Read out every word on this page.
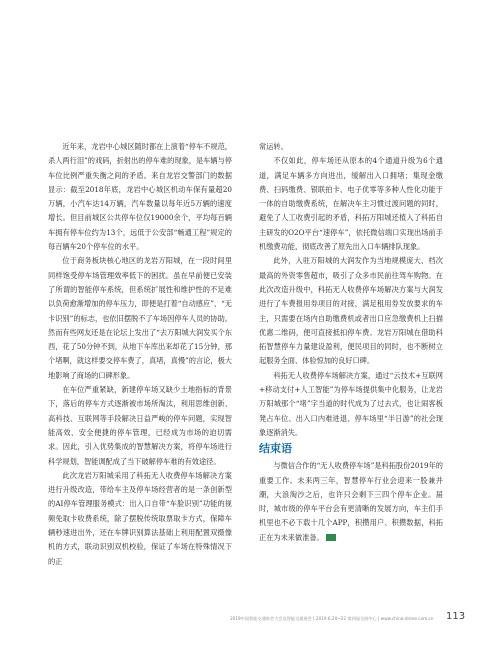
近年来，龙岩中心城区随时都在上演着“停车不规范，杀人两行泪”的戏码，折射出的停车难的现象，是车辆与停车位比例严重失衡之间的矛盾。来自龙岩交警部门的数据显示：截至2018年底，龙岩中心城区机动车保有量超20万辆，小汽车达14万辆，汽车数量以每年近5万辆的速度增长。但目前城区公共停车位仅19000余个，平均每百辆车拥有停车位约为13个，远低于公安部“畅通工程”规定的每百辆车20个停车位的水平。

位于商务板块核心地区的龙岩万阳城，在一段时间里同样饱受停车场管理效率低下的困扰。虽在早前便已安装了所谓的智能停车系统，但系统扩展性和维护性的不足难以负荷愈渐增加的停车压力，即便是打着“自动感应”、“无卡识别”的标志，也依旧摆脱不了车场因停车人员的协助。然而有些网友还是在论坛上发出了“去万阳城大润发买个东西，花了50分钟不到，从地下车库出来却花了15分钟，那个堵啊，就这样要交停车费了，真堵，真慢”的言论，极大地影响了商场的口碑形象。

在车位严重紧缺，新建停车场又缺少土地指标的背景下，落后的停车方式逐渐被市场所淘汰，利用思维创新、高科技、互联网等手段解决日益严峻的停车问题，实现智能高效、安全便捷的停车管理，已经成为市场的迫切需求。因此，引入优势集成的智慧解决方案，将停车场进行科学规划，智能调配成了当下破解停车难的有效途径。

此次龙岩万阳城采用了科拓无人收费停车场解决方案进行升级改造，带给车主及停车场经营者的是一条创新型的AI停车管理服务模式：出入口自带“车脸识别”功能的视频免取卡收费系统，除了摆脱传统取票取卡方式，保障车辆秒速进出外，还在车牌识别算法基础上利用配置双摄像机的方式，联动识别双机校验，保证了车场在特殊情况下的正

常运转。

不仅如此，停车场还从原本的4个通道升级为6个通道，满足车辆多方向进出，缓解出入口拥堵；集现金缴费、扫码缴费、银联拍卡、电子优零等多种人性化功能于一体的自助缴费系统，在解决车主习惯过渡问题的同时，避免了人工收费引起的矛盾，科拓万阳城还植入了科拓自主研发的O2O平台“速停车”，依托微信端口实现出场前手机缴费功能，彻底改善了原先出入口车辆排队现象。

此外，入驻万阳城的大润发作为当地规模庞大、档次最高的外资零售超市，吸引了众多市民前往驾车购物。在此次改造升级中，科拓无人收费停车场解决方案与大润发进行了车费报用券项目的对接，满足租用券发放要求的车主，只需要在场内自助缴费机或者出口应急缴费机上扫描优惠二维码，便可直接抵扣停车费。龙岩万阳城在借助科拓智慧停车力量建设盈利，便民项目的同时，也不断树立起服务全面、体验惊加的良好口碑。

科拓无人收费停车场解决方案，通过“云技术+互联网+移动支付+人工智能”为停车场提供集中化服务，让龙岩万阳城那个“堵”字当道的时代成为了过去式，也让闹客板凳占车位、出入口内难进退、停车场里“半日游”的社会现象逐渐消失。

结束语

与微信合作的“无人收费停车场”是科拓股份2019年的重要工作。未来两三年，智慧停车行业会迎来一股兼并潮，大浪淘沙之后，也许只会剩下三四个停车企业。届时，城市级的停车平台会有更清晰的发展方向，车主们手机里也不必下载十几个APP，积攒用户、积攒数据，科拓正在为未来做准备。

2019中国智能交通协会大会及智能交通展会 | 2019.6.20~22 第四届全展中心 | www.china-drone.com.cn	113
